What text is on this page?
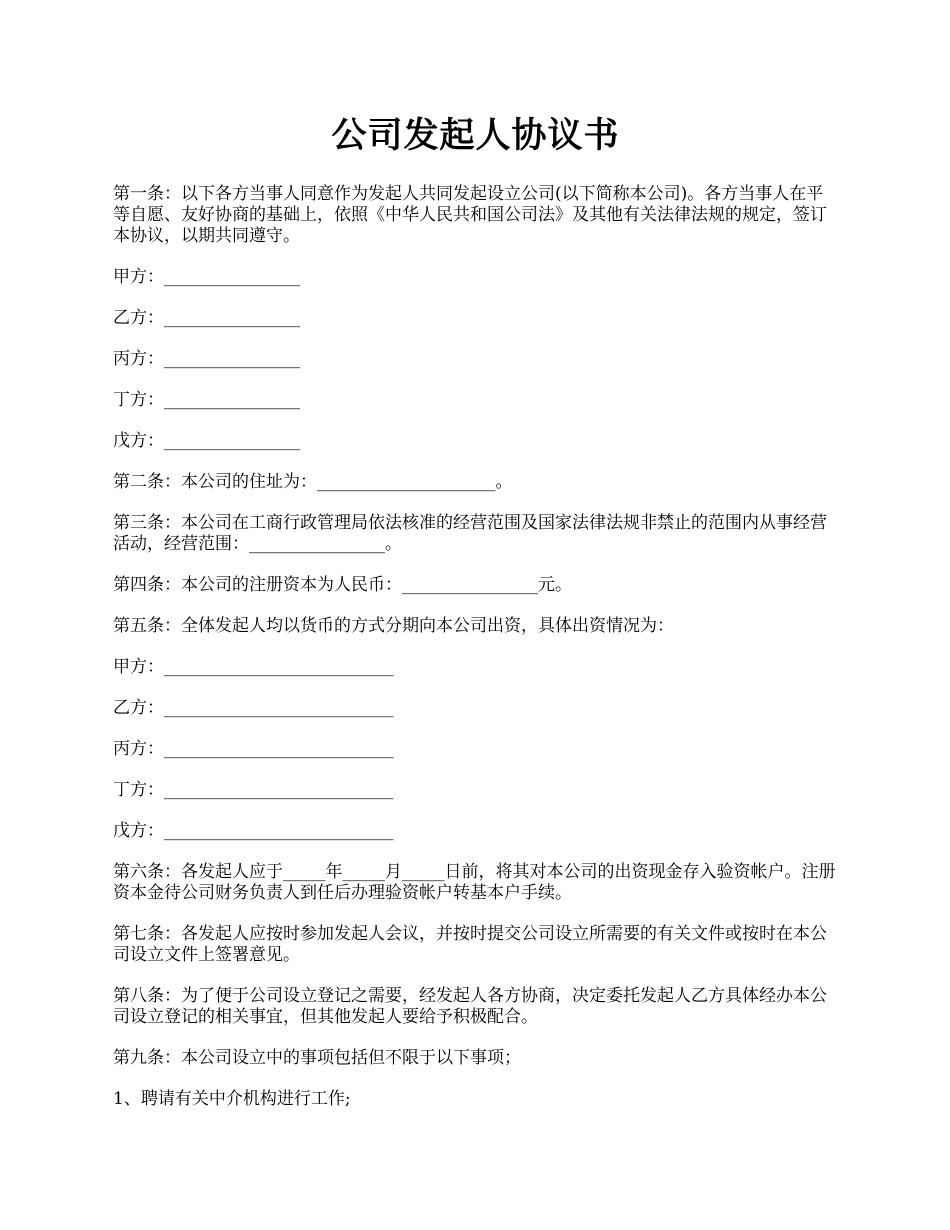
公司发起人协议书
第一条：以下各方当事人同意作为发起人共同发起设立公司(以下简称本公司)。各方当事人在平等自愿、友好协商的基础上，依照《中华人民共和国公司法》及其他有关法律法规的规定，签订本协议，以期共同遵守。
甲方：________________
乙方：________________
丙方：________________
丁方：________________
戊方：________________
第二条：本公司的住址为：_____________________。
第三条：本公司在工商行政管理局依法核准的经营范围及国家法律法规非禁止的范围内从事经营活动，经营范围：________________。
第四条：本公司的注册资本为人民币：________________元。
第五条：全体发起人均以货币的方式分期向本公司出资，具体出资情况为：
甲方：___________________________
乙方：___________________________
丙方：___________________________
丁方：___________________________
戊方：___________________________
第六条：各发起人应于_____年_____月_____日前，将其对本公司的出资现金存入验资帐户。注册资本金待公司财务负责人到任后办理验资帐户转基本户手续。
第七条：各发起人应按时参加发起人会议，并按时提交公司设立所需要的有关文件或按时在本公司设立文件上签署意见。
第八条：为了便于公司设立登记之需要，经发起人各方协商，决定委托发起人乙方具体经办本公司设立登记的相关事宜，但其他发起人要给予积极配合。
第九条：本公司设立中的事项包括但不限于以下事项；
1、聘请有关中介机构进行工作;
